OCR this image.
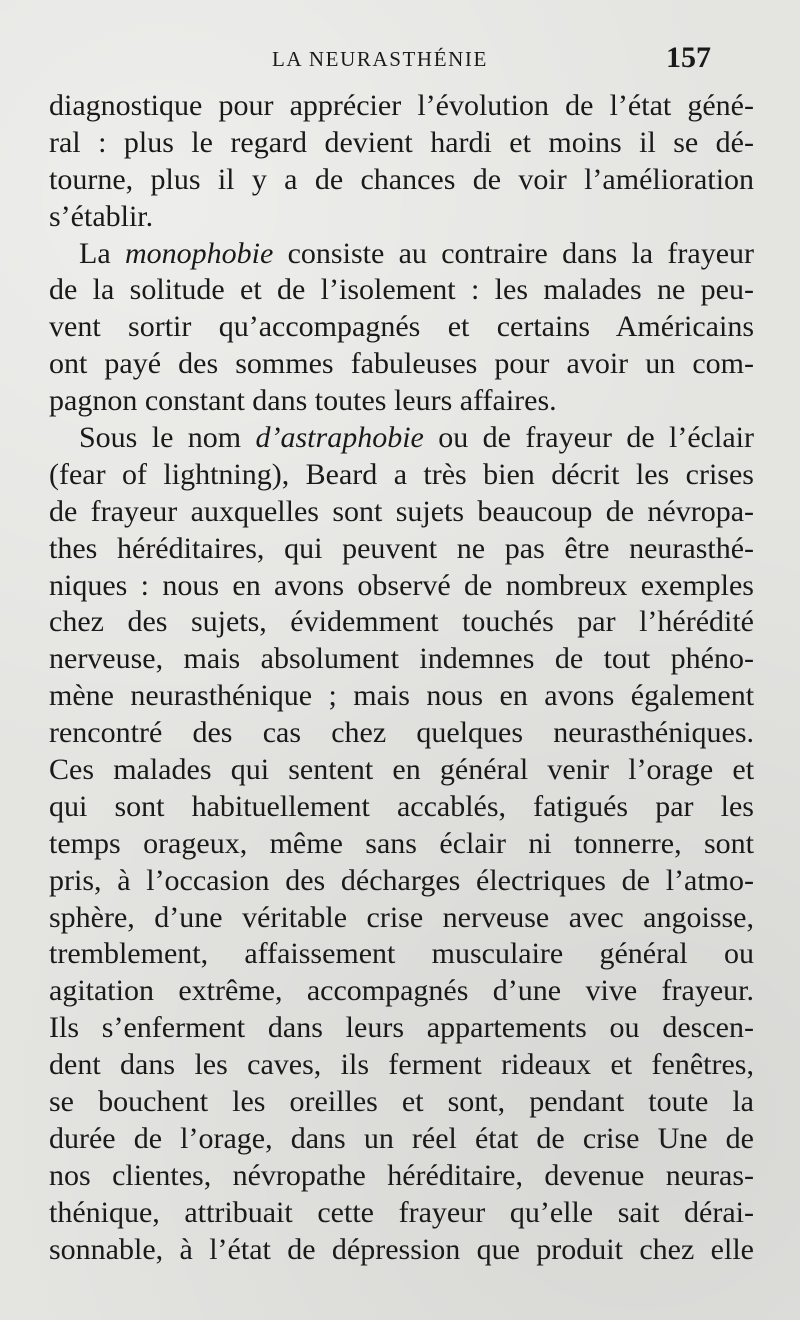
LA NEURASTHÉNIE	157
diagnostique pour apprécier l’évolution de l’état géné-
ral : plus le regard devient hardi et moins il se dé-
tourne, plus il y a de chances de voir l’amélioration
s’établir.
La monophobie consiste au contraire dans la frayeur
de la solitude et de l’isolement : les malades ne peu-
vent sortir qu’accompagnés et certains Américains
ont payé des sommes fabuleuses pour avoir un com-
pagnon constant dans toutes leurs affaires.
Sous le nom d’astraphobie ou de frayeur de l’éclair
(fear of lightning), Beard a très bien décrit les crises
de frayeur auxquelles sont sujets beaucoup de névropa-
thes héréditaires, qui peuvent ne pas être neurasthé-
niques : nous en avons observé de nombreux exemples
chez des sujets, évidemment touchés par l’hérédité
nerveuse, mais absolument indemnes de tout phéno-
mène neurasthénique ; mais nous en avons également
rencontré des cas chez quelques neurasthéniques.
Ces malades qui sentent en général venir l’orage et
qui sont habituellement accablés, fatigués par les
temps orageux, même sans éclair ni tonnerre, sont
pris, à l’occasion des décharges électriques de l’atmo-
sphère, d’une véritable crise nerveuse avec angoisse,
tremblement, affaissement musculaire général ou
agitation extrême, accompagnés d’une vive frayeur.
Ils s’enferment dans leurs appartements ou descen-
dent dans les caves, ils ferment rideaux et fenêtres,
se bouchent les oreilles et sont, pendant toute la
durée de l’orage, dans un réel état de crise Une de
nos clientes, névropathe héréditaire, devenue neuras-
thénique, attribuait cette frayeur qu’elle sait dérai-
sonnable, à l’état de dépression que produit chez elle
